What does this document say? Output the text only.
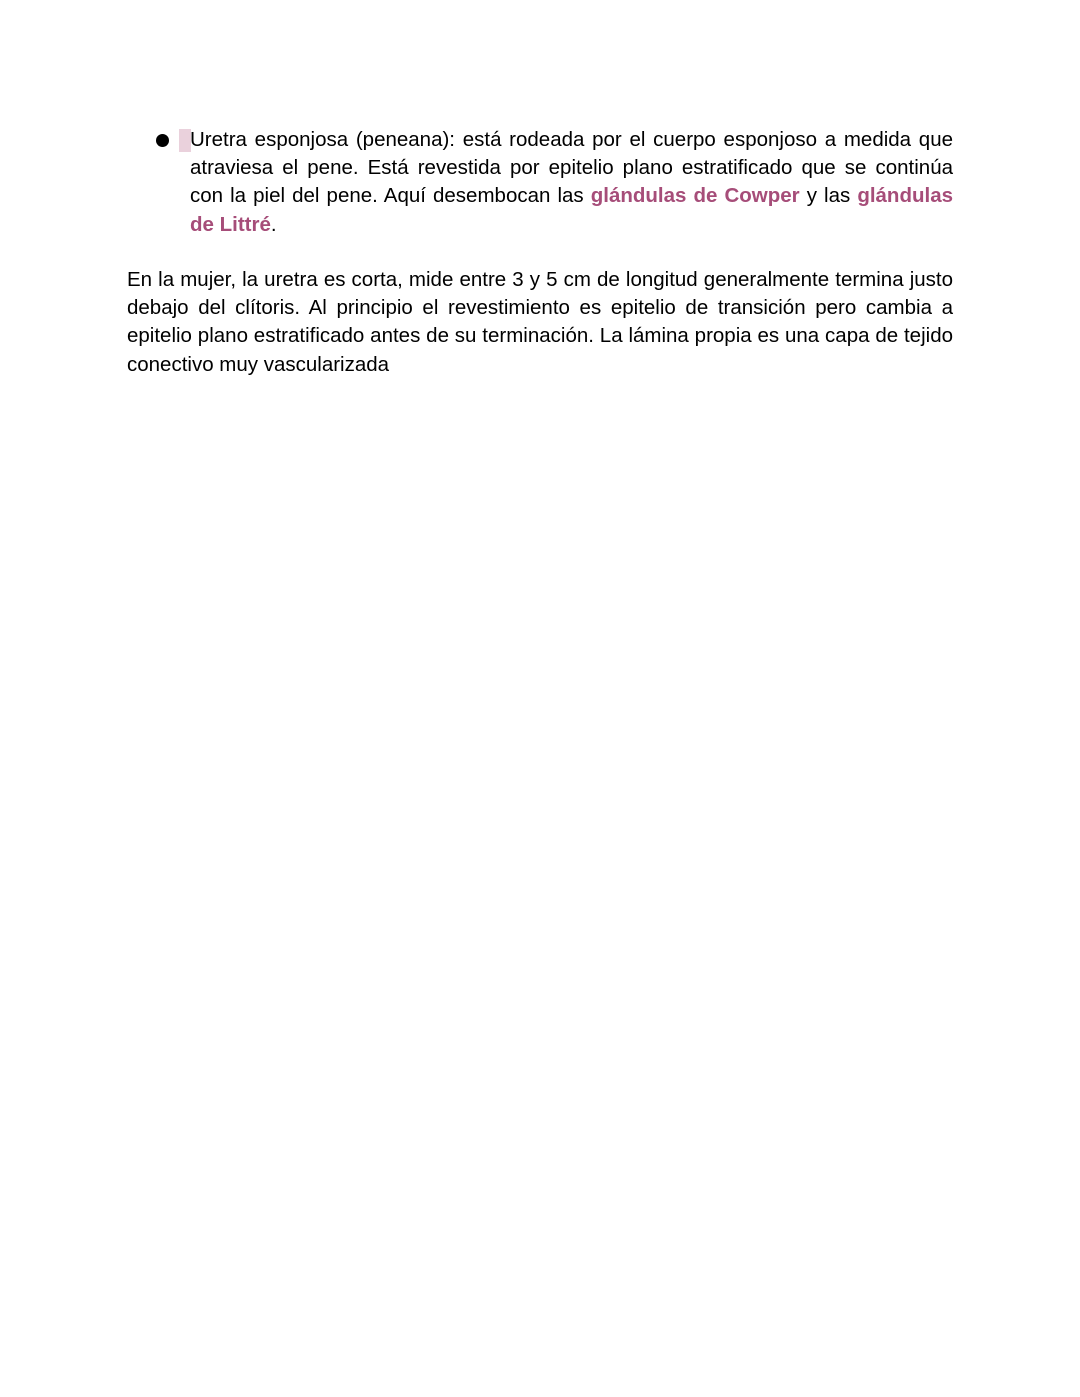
Uretra esponjosa (peneana): está rodeada por el cuerpo esponjoso a medida que atraviesa el pene. Está revestida por epitelio plano estratificado que se continúa con la piel del pene. Aquí desembocan las glándulas de Cowper y las glándulas de Littré.

En la mujer, la uretra es corta, mide entre 3 y 5 cm de longitud generalmente termina justo debajo del clítoris. Al principio el revestimiento es epitelio de transición pero cambia a epitelio plano estratificado antes de su terminación. La lámina propia es una capa de tejido conectivo muy vascularizada
